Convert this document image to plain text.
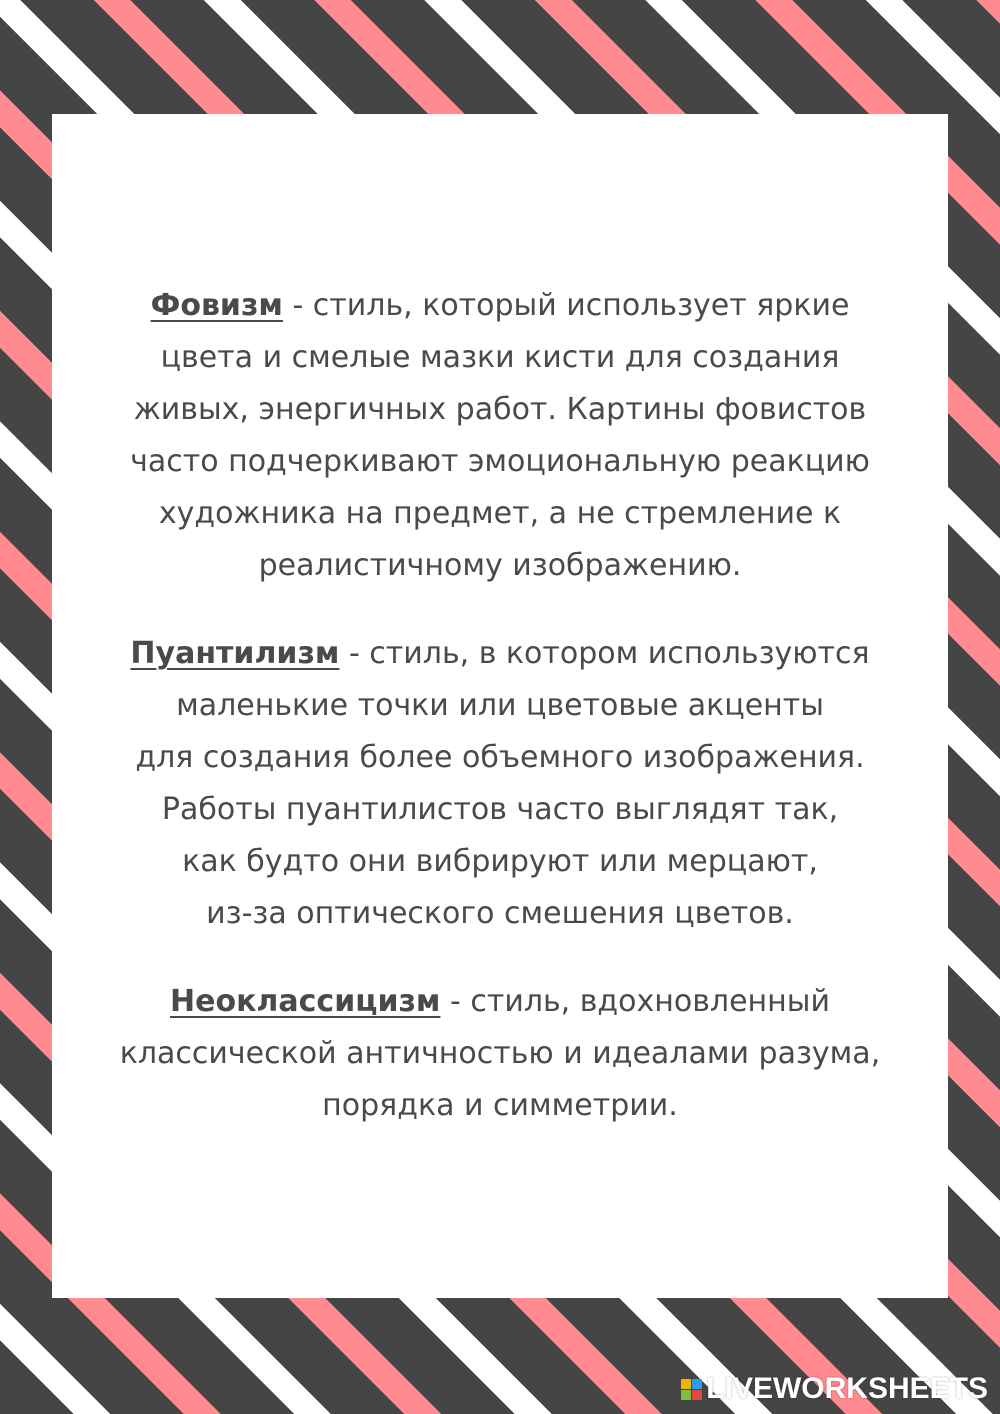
Фовизм - стиль, который использует яркие
цвета и смелые мазки кисти для создания
живых, энергичных работ. Картины фовистов
часто подчеркивают эмоциональную реакцию
художника на предмет, а не стремление к
реалистичному изображению.

Пуантилизм - стиль, в котором используются
маленькие точки или цветовые акценты
для создания более объемного изображения.
Работы пуантилистов часто выглядят так,
как будто они вибрируют или мерцают,
из-за оптического смешения цветов.

Неоклассицизм - стиль, вдохновленный
классической античностью и идеалами разума,
порядка и симметрии.

LIVEWORKSHEETS
